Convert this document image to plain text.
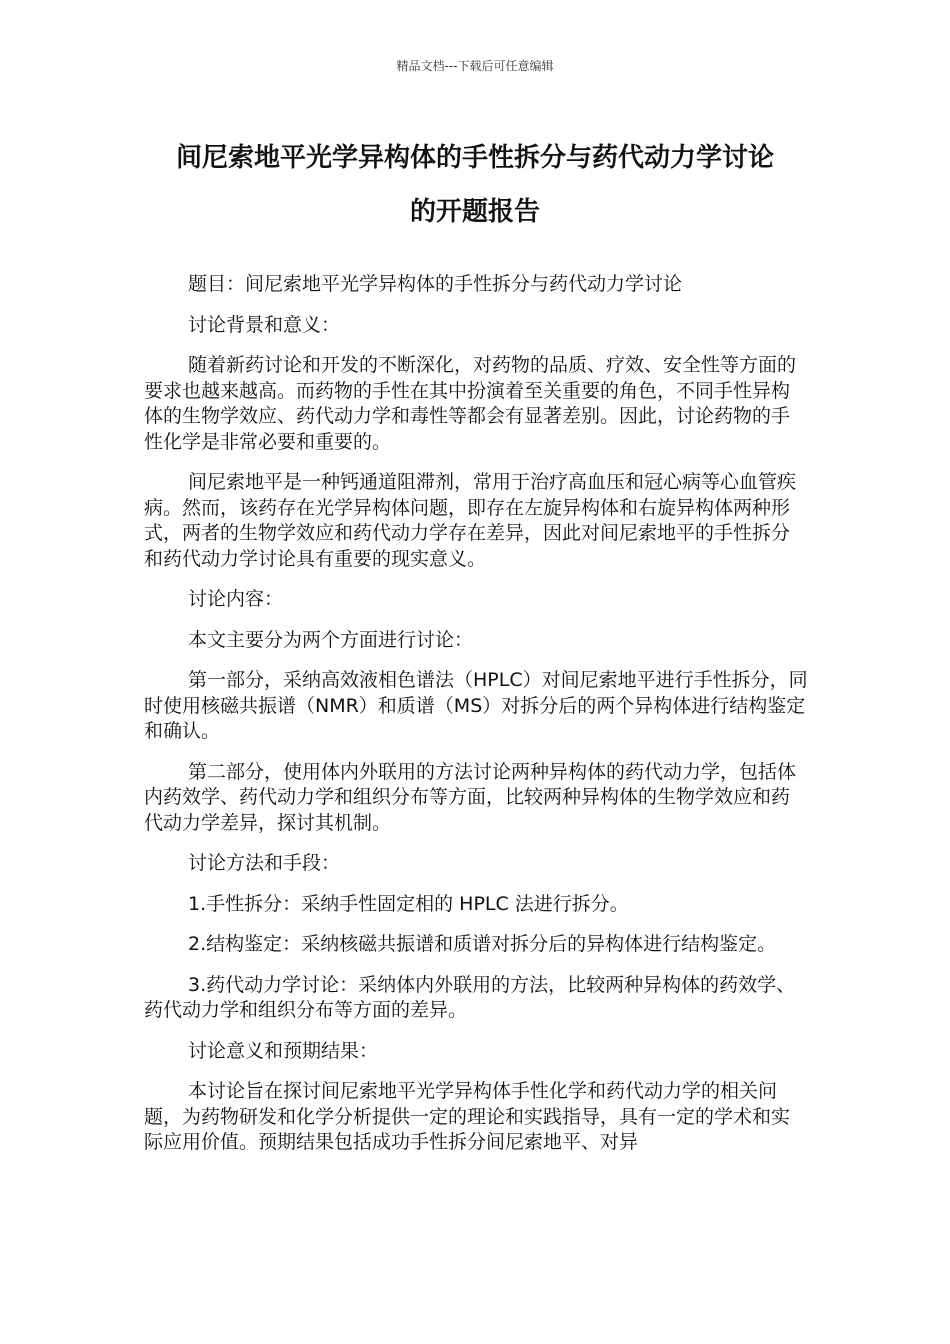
精品文档---下载后可任意编辑
间尼索地平光学异构体的手性拆分与药代动力学讨论
的开题报告

题目：间尼索地平光学异构体的手性拆分与药代动力学讨论

讨论背景和意义：

随着新药讨论和开发的不断深化，对药物的品质、疗效、安全性等方面的要求也越来越高。而药物的手性在其中扮演着至关重要的角色，不同手性异构体的生物学效应、药代动力学和毒性等都会有显著差别。因此，讨论药物的手性化学是非常必要和重要的。

间尼索地平是一种钙通道阻滞剂，常用于治疗高血压和冠心病等心血管疾病。然而，该药存在光学异构体问题，即存在左旋异构体和右旋异构体两种形式，两者的生物学效应和药代动力学存在差异，因此对间尼索地平的手性拆分和药代动力学讨论具有重要的现实意义。

讨论内容：

本文主要分为两个方面进行讨论：

第一部分，采纳高效液相色谱法（HPLC）对间尼索地平进行手性拆分，同时使用核磁共振谱（NMR）和质谱（MS）对拆分后的两个异构体进行结构鉴定和确认。

第二部分，使用体内外联用的方法讨论两种异构体的药代动力学，包括体内药效学、药代动力学和组织分布等方面，比较两种异构体的生物学效应和药代动力学差异，探讨其机制。

讨论方法和手段：

1.手性拆分：采纳手性固定相的 HPLC 法进行拆分。

2.结构鉴定：采纳核磁共振谱和质谱对拆分后的异构体进行结构鉴定。

3.药代动力学讨论：采纳体内外联用的方法，比较两种异构体的药效学、药代动力学和组织分布等方面的差异。

讨论意义和预期结果：

本讨论旨在探讨间尼索地平光学异构体手性化学和药代动力学的相关问题，为药物研发和化学分析提供一定的理论和实践指导，具有一定的学术和实际应用价值。预期结果包括成功手性拆分间尼索地平、对异
